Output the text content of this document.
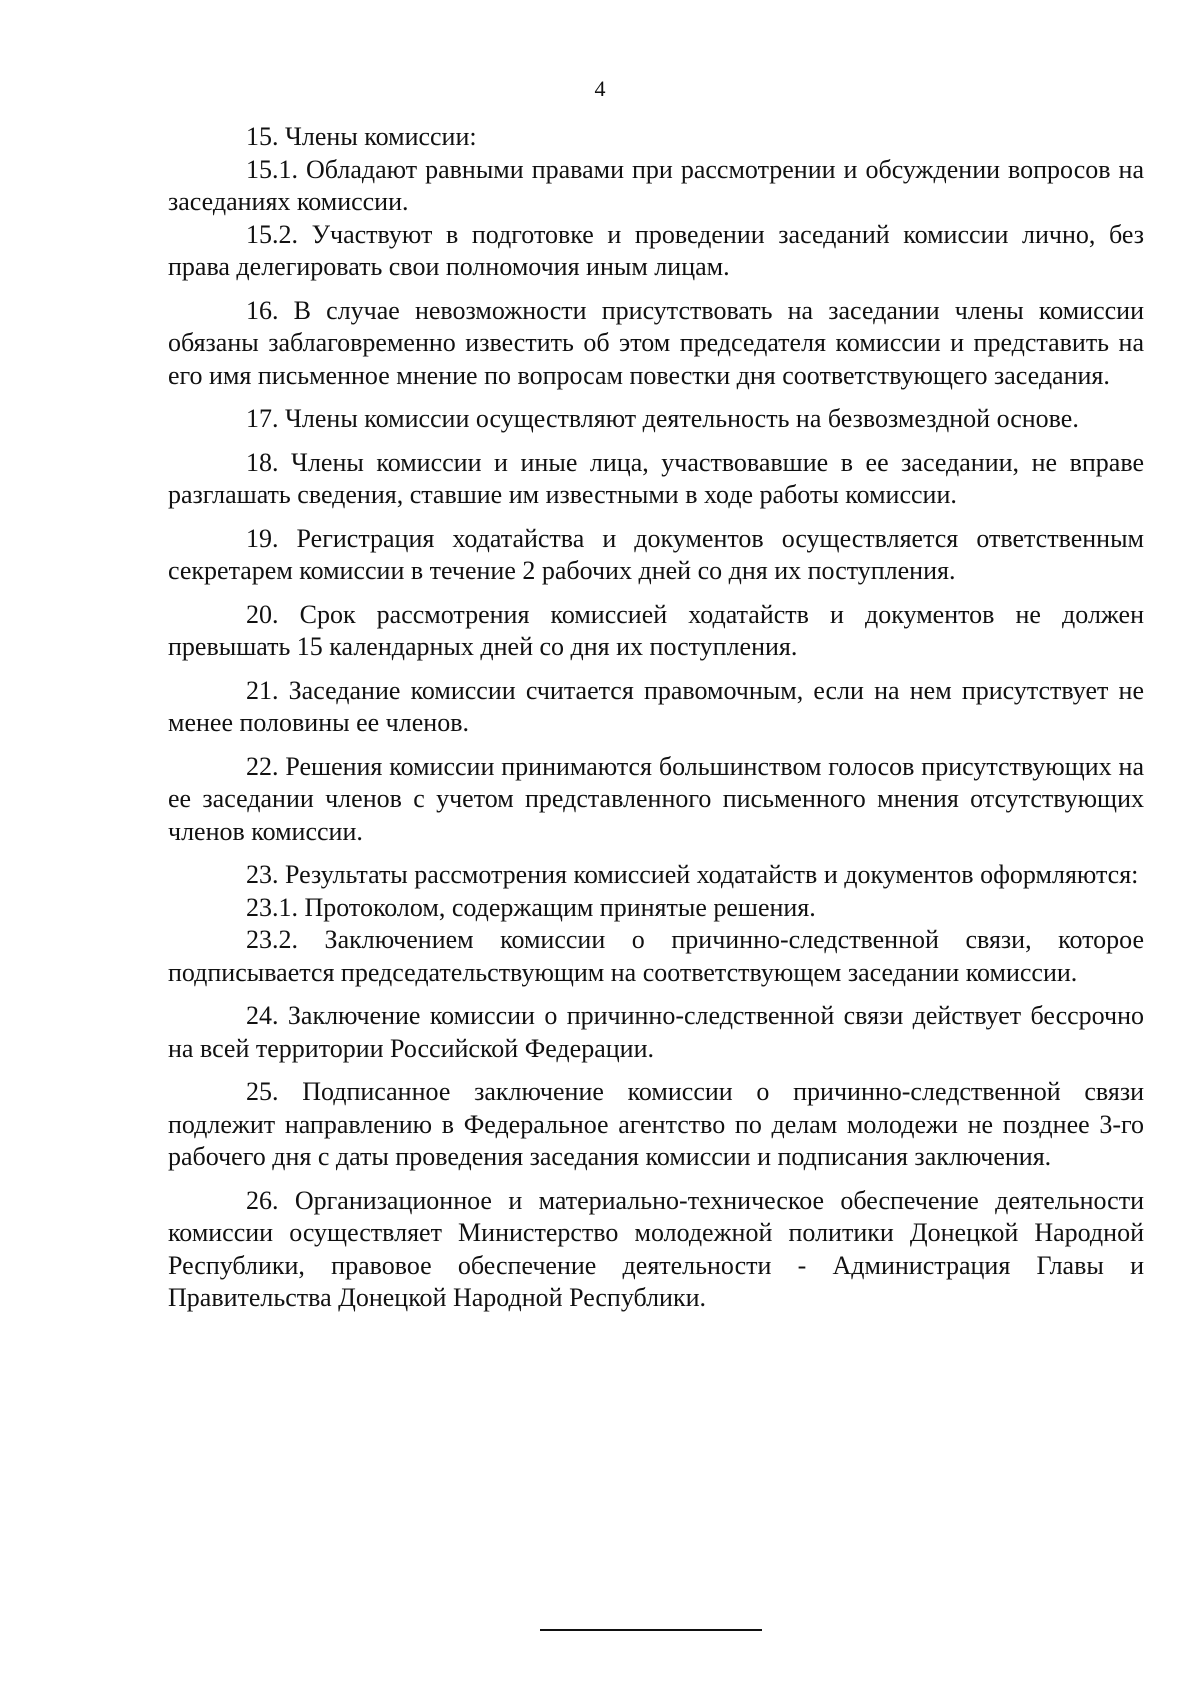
4

15. Члены комиссии:

15.1. Обладают равными правами при рассмотрении и обсуждении вопросов на заседаниях комиссии.

15.2. Участвуют в подготовке и проведении заседаний комиссии лично, без права делегировать свои полномочия иным лицам.

16. В случае невозможности присутствовать на заседании члены комиссии обязаны заблаговременно известить об этом председателя комиссии и представить на его имя письменное мнение по вопросам повестки дня соответствующего заседания.

17. Члены комиссии осуществляют деятельность на безвозмездной основе.

18. Члены комиссии и иные лица, участвовавшие в ее заседании, не вправе разглашать сведения, ставшие им известными в ходе работы комиссии.

19. Регистрация ходатайства и документов осуществляется ответственным секретарем комиссии в течение 2 рабочих дней со дня их поступления.

20. Срок рассмотрения комиссией ходатайств и документов не должен превышать 15 календарных дней со дня их поступления.

21. Заседание комиссии считается правомочным, если на нем присутствует не менее половины ее членов.

22. Решения комиссии принимаются большинством голосов присутствующих на ее заседании членов с учетом представленного письменного мнения отсутствующих членов комиссии.

23. Результаты рассмотрения комиссией ходатайств и документов оформляются:

23.1. Протоколом, содержащим принятые решения.

23.2. Заключением комиссии о причинно-следственной связи, которое подписывается председательствующим на соответствующем заседании комиссии.

24. Заключение комиссии о причинно-следственной связи действует бессрочно на всей территории Российской Федерации.

25. Подписанное заключение комиссии о причинно-следственной связи подлежит направлению в Федеральное агентство по делам молодежи не позднее 3-го рабочего дня с даты проведения заседания комиссии и подписания заключения.

26. Организационное и материально-техническое обеспечение деятельности комиссии осуществляет Министерство молодежной политики Донецкой Народной Республики, правовое обеспечение деятельности - Администрация Главы и Правительства Донецкой Народной Республики.
